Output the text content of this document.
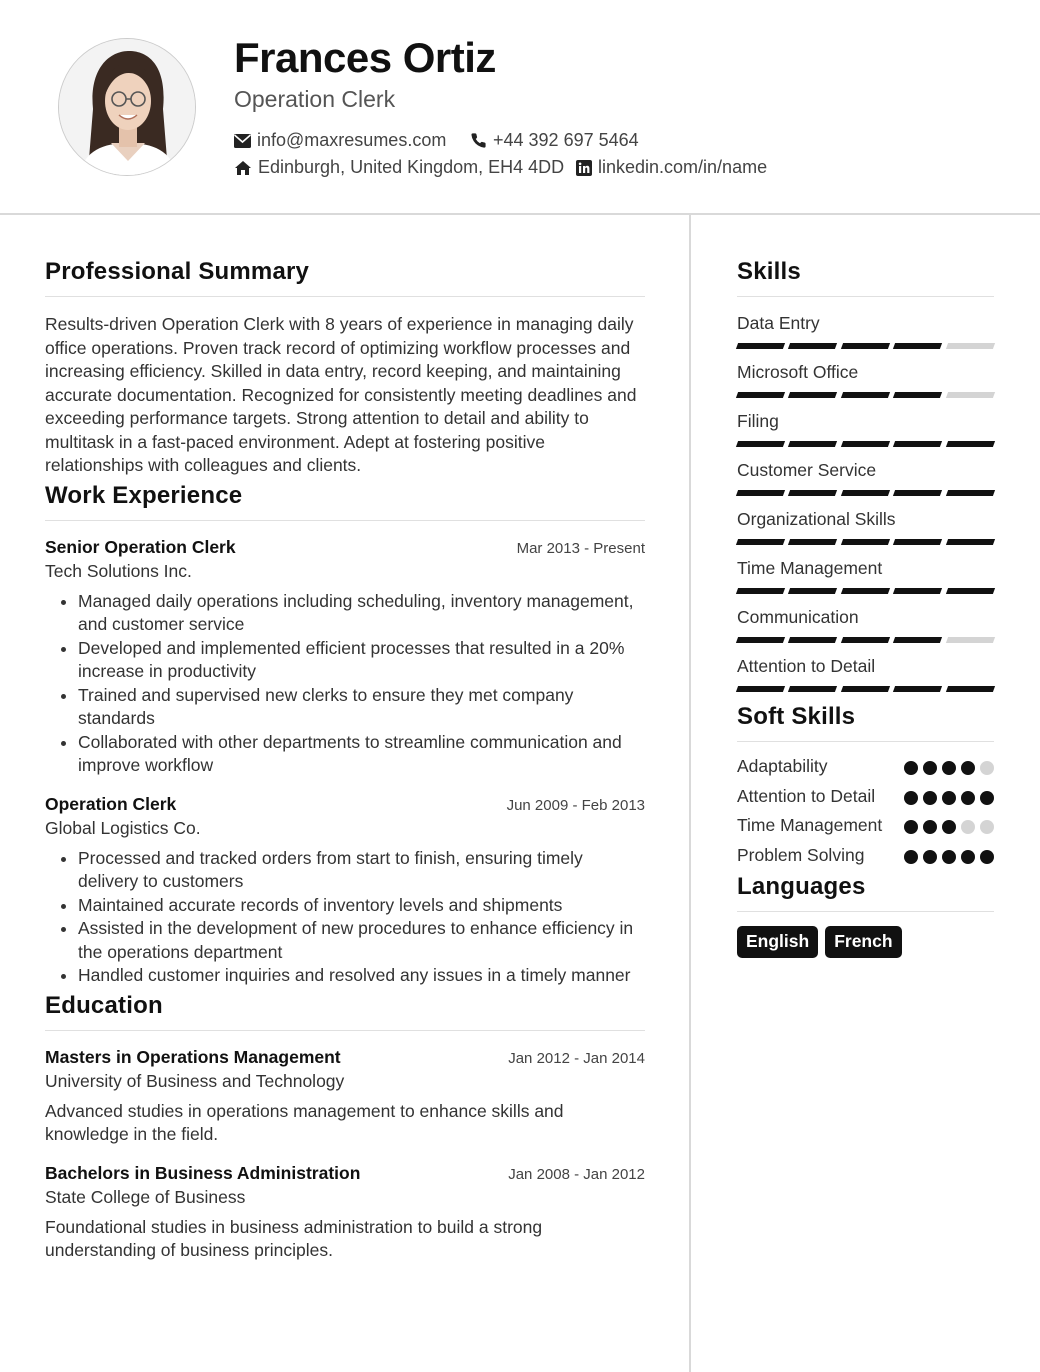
Frances Ortiz
Operation Clerk
info@maxresumes.com	+44 392 697 5464
Edinburgh, United Kingdom, EH4 4DD linkedin.com/in/name
Professional Summary
Results-driven Operation Clerk with 8 years of experience in managing daily office operations. Proven track record of optimizing workflow processes and increasing efficiency. Skilled in data entry, record keeping, and maintaining accurate documentation. Recognized for consistently meeting deadlines and exceeding performance targets. Strong attention to detail and ability to multitask in a fast-paced environment. Adept at fostering positive relationships with colleagues and clients.
Work Experience
Senior Operation Clerk	Mar 2013 - Present
Tech Solutions Inc.
• Managed daily operations including scheduling, inventory management, and customer service
• Developed and implemented efficient processes that resulted in a 20% increase in productivity
• Trained and supervised new clerks to ensure they met company standards
• Collaborated with other departments to streamline communication and improve workflow
Operation Clerk	Jun 2009 - Feb 2013
Global Logistics Co.
• Processed and tracked orders from start to finish, ensuring timely delivery to customers
• Maintained accurate records of inventory levels and shipments
• Assisted in the development of new procedures to enhance efficiency in the operations department
• Handled customer inquiries and resolved any issues in a timely manner
Education
Masters in Operations Management	Jan 2012 - Jan 2014
University of Business and Technology
Advanced studies in operations management to enhance skills and knowledge in the field.
Bachelors in Business Administration	Jan 2008 - Jan 2012
State College of Business
Foundational studies in business administration to build a strong understanding of business principles.
Skills
Data Entry
Microsoft Office
Filing
Customer Service
Organizational Skills
Time Management
Communication
Attention to Detail
Soft Skills
Adaptability
Attention to Detail
Time Management
Problem Solving
Languages
English	French
